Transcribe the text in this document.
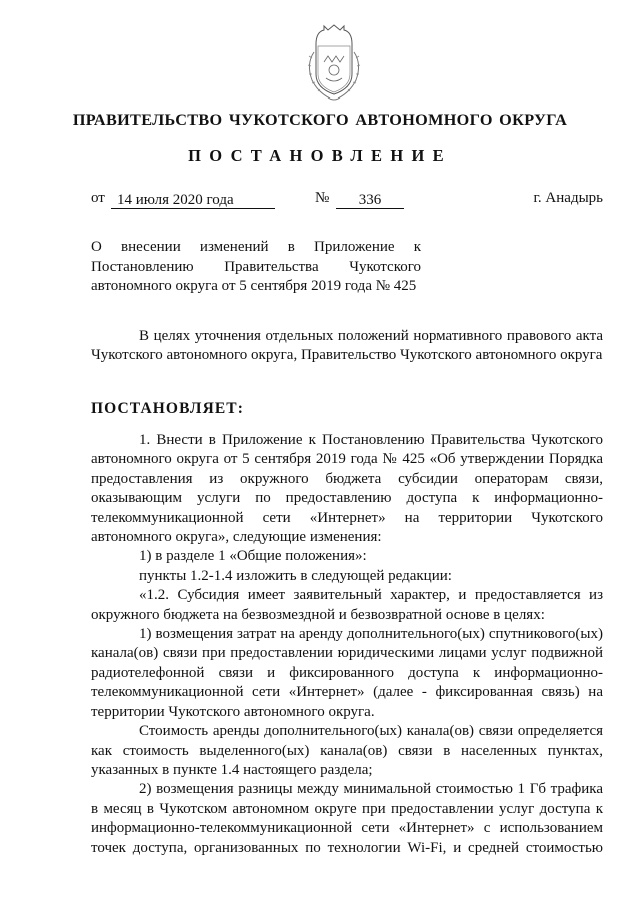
ПРАВИТЕЛЬСТВО ЧУКОТСКОГО АВТОНОМНОГО ОКРУГА
ПОСТАНОВЛЕНИЕ
от 14 июля 2020 года	№	336	г. Анадырь
О внесении изменений в Приложение к Постановлению Правительства Чукотского автономного округа от 5 сентября 2019 года № 425

В целях уточнения отдельных положений нормативного правового акта Чукотского автономного округа, Правительство Чукотского автономного округа

ПОСТАНОВЛЯЕТ:

1. Внести в Приложение к Постановлению Правительства Чукотского автономного округа от 5 сентября 2019 года № 425 «Об утверждении Порядка предоставления из окружного бюджета субсидии операторам связи, оказывающим услуги по предоставлению доступа к информационно-телекоммуникационной сети «Интернет» на территории Чукотского автономного округа», следующие изменения:

1) в разделе 1 «Общие положения»:

пункты 1.2-1.4 изложить в следующей редакции:

«1.2. Субсидия имеет заявительный характер, и предоставляется из окружного бюджета на безвозмездной и безвозвратной основе в целях:

1) возмещения затрат на аренду дополнительного(ых) спутникового(ых) канала(ов) связи при предоставлении юридическими лицами услуг подвижной радиотелефонной связи и фиксированного доступа к информационно-телекоммуникационной сети «Интернет» (далее - фиксированная связь) на территории Чукотского автономного округа.

Стоимость аренды дополнительного(ых) канала(ов) связи определяется как стоимость выделенного(ых) канала(ов) связи в населенных пунктах, указанных в пункте 1.4 настоящего раздела;

2) возмещения разницы между минимальной стоимостью 1 Гб трафика в месяц в Чукотском автономном округе при предоставлении услуг доступа к информационно-телекоммуникационной сети «Интернет» с использованием точек доступа, организованных по технологии Wi-Fi, и средней стоимостью
